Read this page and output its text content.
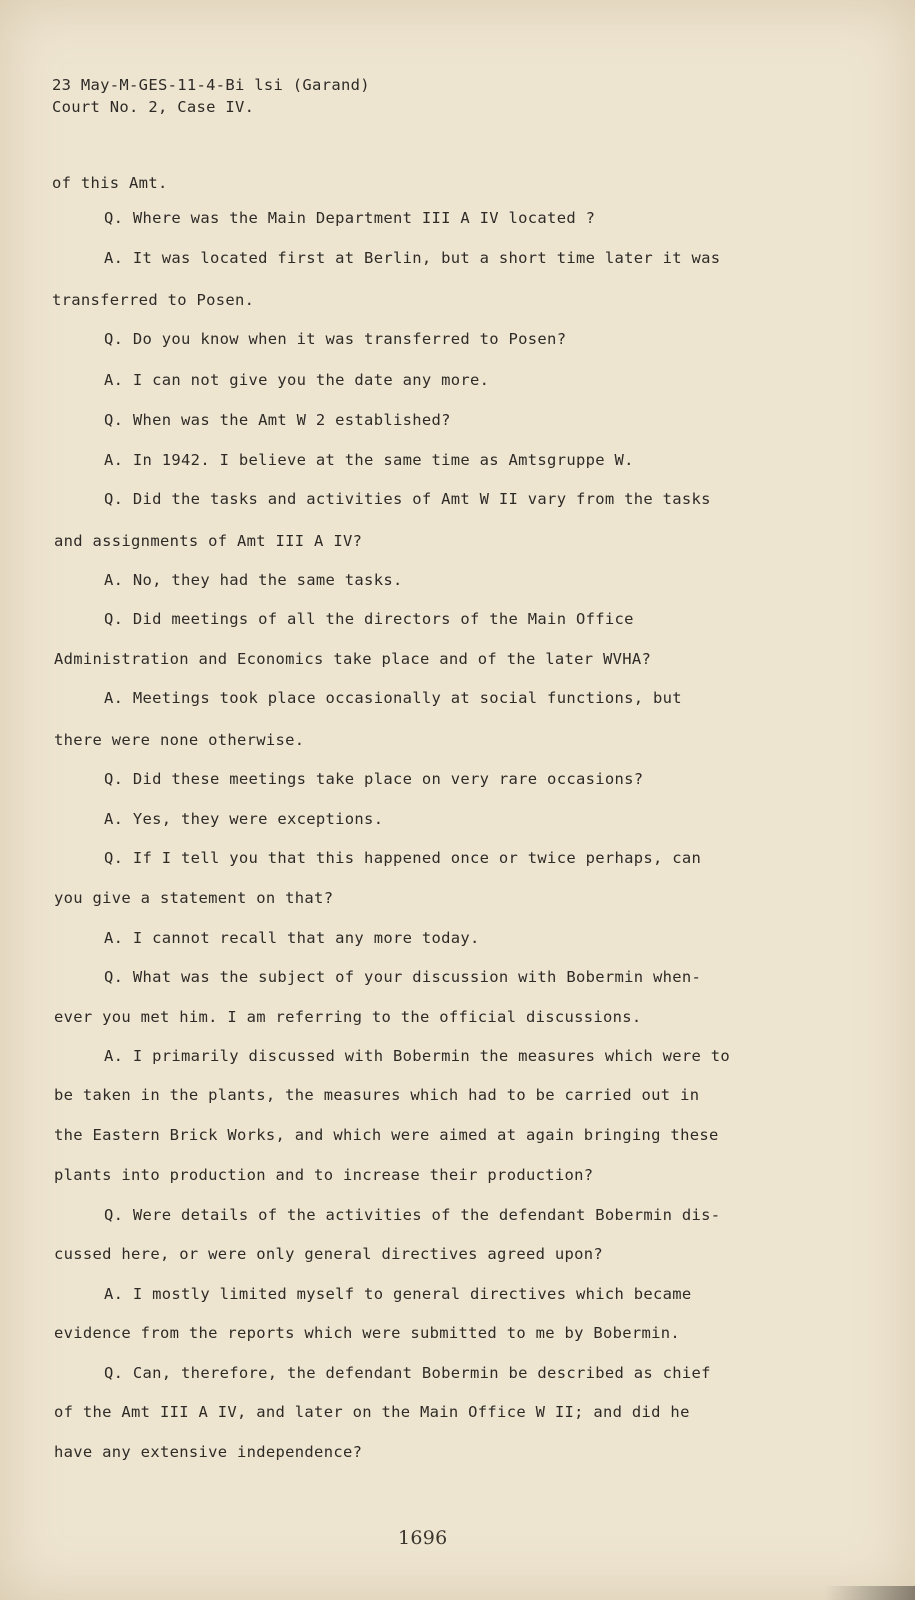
23 May-M-GES-11-4-Bi lsi (Garand)
Court No. 2, Case IV.
of this Amt.
Q. Where was the Main Department III A IV located ?
A. It was located first at Berlin, but a short time later it was
transferred to Posen.
Q. Do you know when it was transferred to Posen?
A. I can not give you the date any more.
Q. When was the Amt W 2 established?
A. In 1942. I believe at the same time as Amtsgruppe W.
Q. Did the tasks and activities of Amt W II vary from the tasks
and assignments of Amt III A IV?
A. No, they had the same tasks.
Q. Did meetings of all the directors of the Main Office
Administration and Economics take place and of the later WVHA?
A. Meetings took place occasionally at social functions, but
there were none otherwise.
Q. Did these meetings take place on very rare occasions?
A. Yes, they were exceptions.
Q. If I tell you that this happened once or twice perhaps, can
you give a statement on that?
A. I cannot recall that any more today.
Q. What was the subject of your discussion with Bobermin when-
ever you met him. I am referring to the official discussions.
A. I primarily discussed with Bobermin the measures which were to
be taken in the plants, the measures which had to be carried out in
the Eastern Brick Works, and which were aimed at again bringing these
plants into production and to increase their production?
Q. Were details of the activities of the defendant Bobermin dis-
cussed here, or were only general directives agreed upon?
A. I mostly limited myself to general directives which became
evidence from the reports which were submitted to me by Bobermin.
Q. Can, therefore, the defendant Bobermin be described as chief
of the Amt III A IV, and later on the Main Office W II; and did he
have any extensive independence?
1696
